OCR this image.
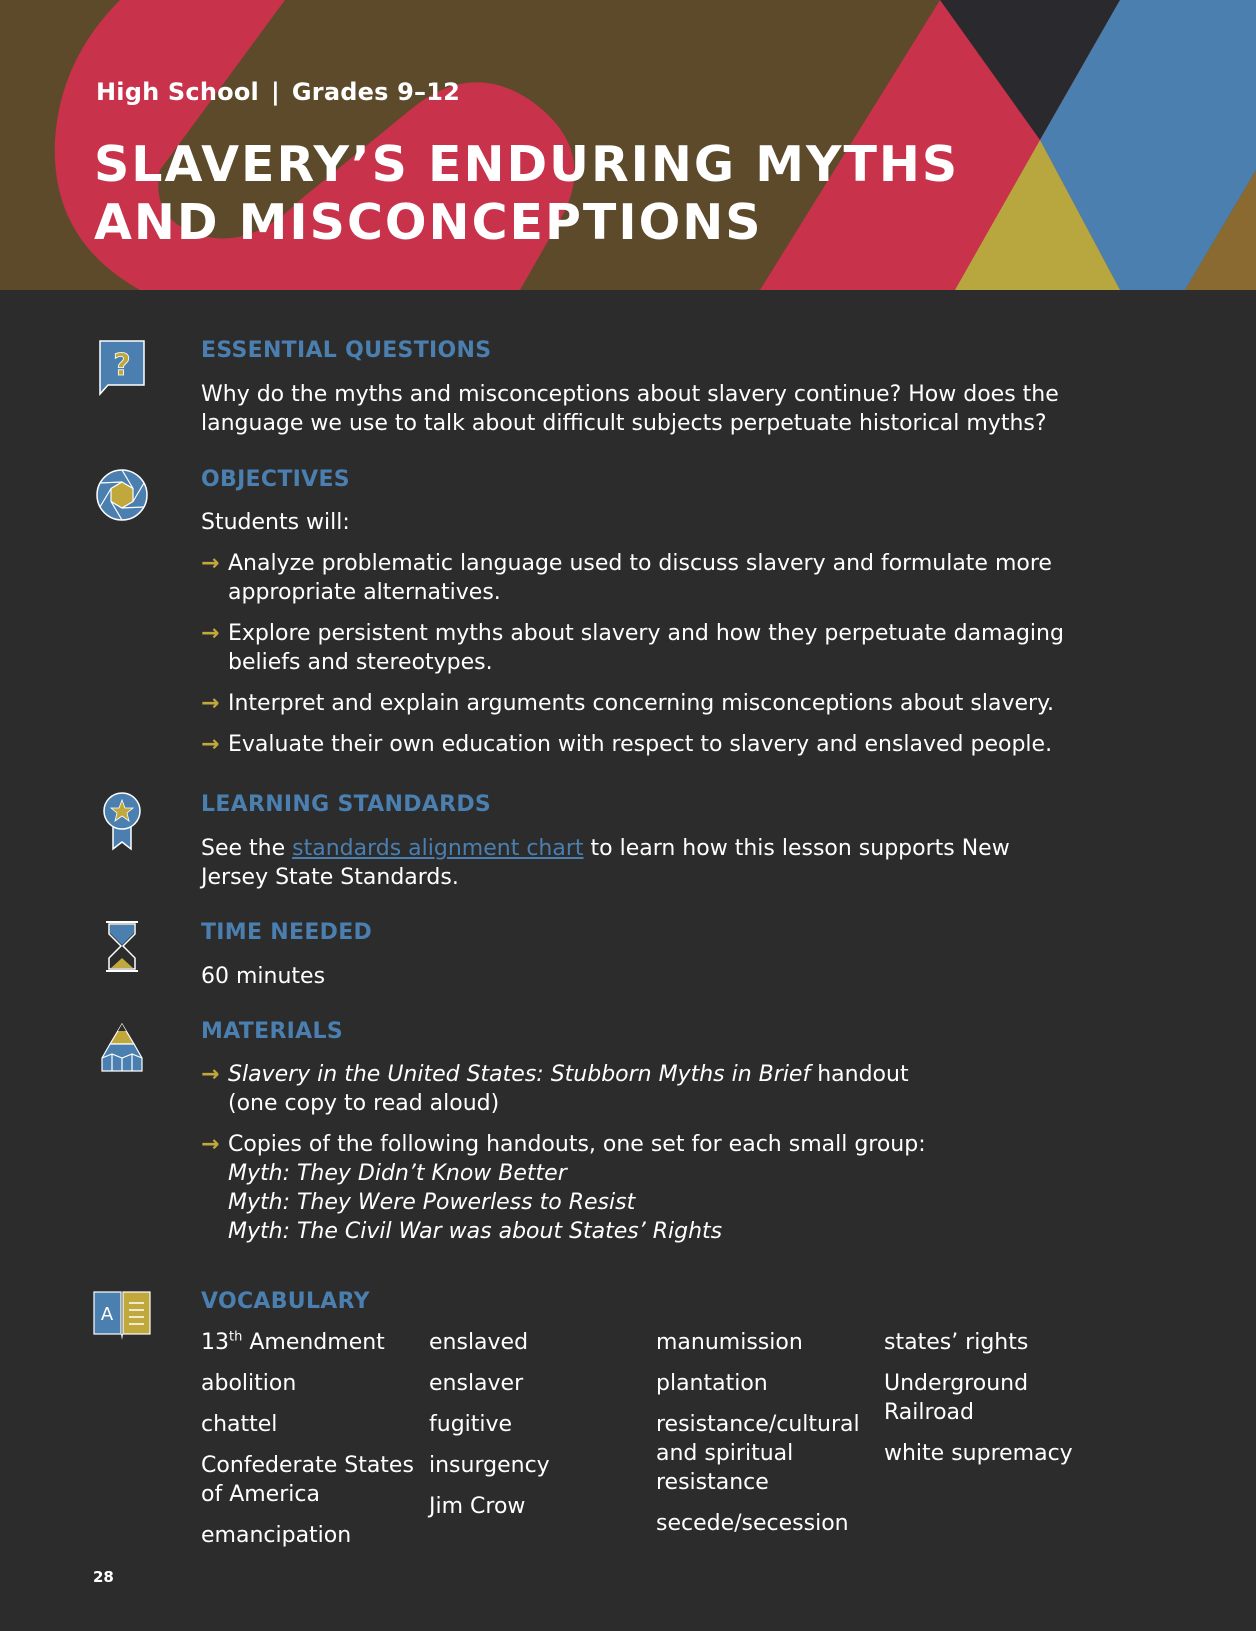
High School | Grades 9–12
SLAVERY’S ENDURING MYTHS
AND MISCONCEPTIONS
?	ESSENTIAL QUESTIONS
Why do the myths and misconceptions about slavery continue? How does the language we use to talk about difficult subjects perpetuate historical myths?
OBJECTIVES
Students will:
→ Analyze problematic language used to discuss slavery and formulate more appropriate alternatives.
→ Explore persistent myths about slavery and how they perpetuate damaging beliefs and stereotypes.
→ Interpret and explain arguments concerning misconceptions about slavery.
→ Evaluate their own education with respect to slavery and enslaved people.
LEARNING STANDARDS
See the standards alignment chart to learn how this lesson supports New Jersey State Standards.
TIME NEEDED
60 minutes
MATERIALS
→ Slavery in the United States: Stubborn Myths in Brief handout
(one copy to read aloud)
→ Copies of the following handouts, one set for each small group:
Myth: They Didn’t Know Better
Myth: They Were Powerless to Resist
Myth: The Civil War was about States’ Rights
A
VOCABULARY
13th Amendment
abolition
chattel
Confederate States of America
emancipation
enslaved
enslaver
fugitive
insurgency
Jim Crow
manumission
plantation
resistance/cultural and spiritual resistance
secede/secession
states’ rights
Underground Railroad
white supremacy
28
